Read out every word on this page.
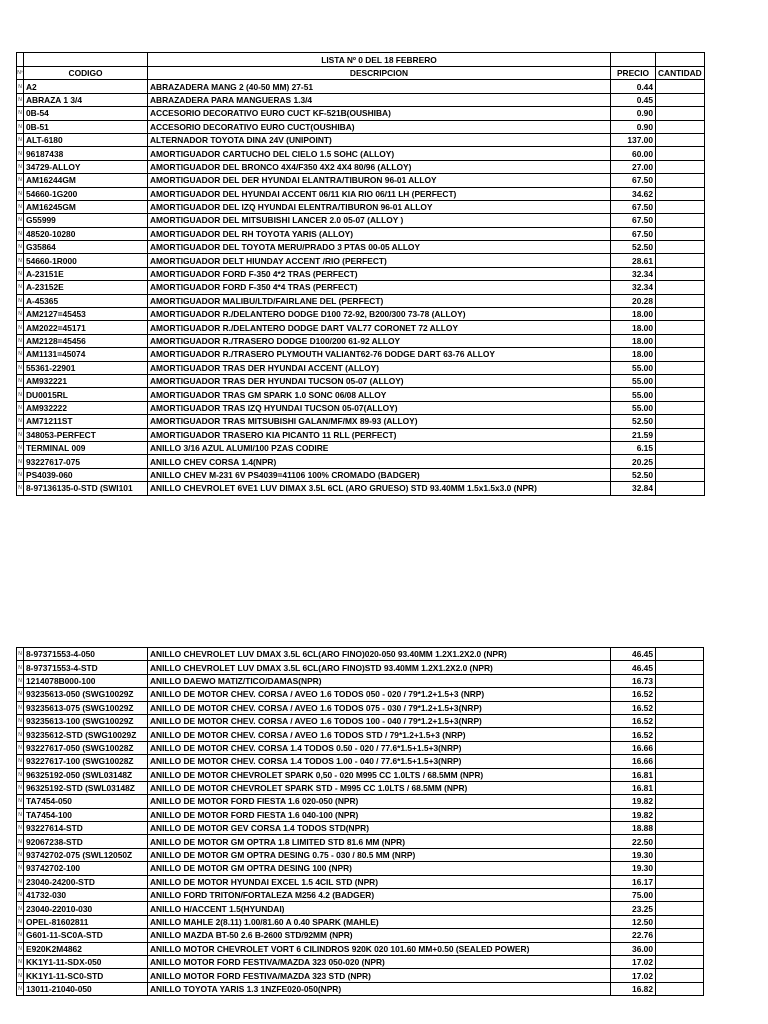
		LISTA Nº 0 DEL 18 FEBRERO		
Nº	CODIGO	DESCRIPCION	PRECIO	CANTIDAD
N	A2	ABRAZADERA MANG 2 (40-50 MM) 27-51	0.44	
N	ABRAZA 1 3/4	ABRAZADERA PARA MANGUERAS 1.3/4	0.45	
N	0B-54	ACCESORIO DECORATIVO EURO CUCT KF-521B(OUSHIBA)	0.90	
N	0B-51	ACCESORIO DECORATIVO EURO CUCT(OUSHIBA)	0.90	
N	ALT-6180	ALTERNADOR TOYOTA DINA 24V (UNIPOINT)	137.00	
N	96187438	AMORTIGUADOR CARTUCHO DEL CIELO 1.5 SOHC (ALLOY)	60.00	
N	34729-ALLOY	AMORTIGUADOR DEL BRONCO 4X4/F350 4X2 4X4 80/96 (ALLOY)	27.00	
N	AM16244GM	AMORTIGUADOR DEL DER HYUNDAI ELANTRA/TIBURON 96-01 ALLOY	67.50	
N	54660-1G200	AMORTIGUADOR DEL HYUNDAI ACCENT 06/11 KIA RIO 06/11 LH (PERFECT)	34.62	
N	AM16245GM	AMORTIGUADOR DEL IZQ HYUNDAI ELENTRA/TIBURON 96-01 ALLOY	67.50	
N	G55999	AMORTIGUADOR DEL MITSUBISHI LANCER 2.0 05-07 (ALLOY )	67.50	
N	48520-10280	AMORTIGUADOR DEL RH TOYOTA YARIS (ALLOY)	67.50	
N	G35864	AMORTIGUADOR DEL TOYOTA MERU/PRADO 3 PTAS 00-05 ALLOY	52.50	
N	54660-1R000	AMORTIGUADOR DELT HIUNDAY ACCENT /RIO (PERFECT)	28.61	
N	A-23151E	AMORTIGUADOR FORD F-350 4*2 TRAS (PERFECT)	32.34	
N	A-23152E	AMORTIGUADOR FORD F-350 4*4 TRAS (PERFECT)	32.34	
N	A-45365	AMORTIGUADOR MALIBU/LTD/FAIRLANE DEL (PERFECT)	20.28	
N	AM2127=45453	AMORTIGUADOR R./DELANTERO DODGE D100 72-92, B200/300 73-78 (ALLOY)	18.00	
N	AM2022=45171	AMORTIGUADOR R./DELANTERO DODGE DART VAL77 CORONET 72 ALLOY	18.00	
N	AM2128=45456	AMORTIGUADOR R./TRASERO DODGE D100/200 61-92 ALLOY	18.00	
N	AM1131=45074	AMORTIGUADOR R./TRASERO PLYMOUTH VALIANT62-76 DODGE DART 63-76 ALLOY	18.00	
N	55361-22901	AMORTIGUADOR TRAS DER HYUNDAI ACCENT (ALLOY)	55.00	
N	AM932221	AMORTIGUADOR TRAS DER HYUNDAI TUCSON 05-07 (ALLOY)	55.00	
N	DU0015RL	AMORTIGUADOR TRAS GM SPARK 1.0 SONC 06/08 ALLOY	55.00	
N	AM932222	AMORTIGUADOR TRAS IZQ HYUNDAI TUCSON 05-07(ALLOY)	55.00	
N	AM71211ST	AMORTIGUADOR TRAS MITSUBISHI GALAN/MF/MX 89-93 (ALLOY)	52.50	
N	348053-PERFECT	AMORTIGUADOR TRASERO KIA PICANTO 11 RLL (PERFECT)	21.59	
N	TERMINAL 009	ANILLO 3/16 AZUL ALUMI/100 PZAS CODIRE	6.15	
N	93227617-075	ANILLO CHEV CORSA 1.4(NPR)	20.25	
N	PS4039-060	ANILLO CHEV M-231 6V PS4039=41106 100% CROMADO (BADGER)	52.50	
N	8-97136135-0-STD (SWI101	ANILLO CHEVROLET 6VE1 LUV DIMAX 3.5L 6CL (ARO GRUESO) STD 93.40MM 1.5x1.5x3.0 (NPR)	32.84	
N	8-97371553-4-050	ANILLO CHEVROLET LUV DMAX 3.5L 6CL(ARO FINO)020-050 93.40MM 1.2X1.2X2.0 (NPR)	46.45	
N	8-97371553-4-STD	ANILLO CHEVROLET LUV DMAX 3.5L 6CL(ARO FINO)STD 93.40MM 1.2X1.2X2.0 (NPR)	46.45	
N	1214078B000-100	ANILLO DAEWO MATIZ/TICO/DAMAS(NPR)	16.73	
N	93235613-050 (SWG10029Z	ANILLO DE MOTOR CHEV. CORSA / AVEO 1.6 TODOS 050 - 020 / 79*1.2+1.5+3 (NRP)	16.52	
N	93235613-075 (SWG10029Z	ANILLO DE MOTOR CHEV. CORSA / AVEO 1.6 TODOS 075 - 030 / 79*1.2+1.5+3(NRP)	16.52	
N	93235613-100 (SWG10029Z	ANILLO DE MOTOR CHEV. CORSA / AVEO 1.6 TODOS 100 - 040 / 79*1.2+1.5+3(NRP)	16.52	
N	93235612-STD (SWG10029Z	ANILLO DE MOTOR CHEV. CORSA / AVEO 1.6 TODOS STD / 79*1.2+1.5+3 (NRP)	16.52	
N	93227617-050 (SWG10028Z	ANILLO DE MOTOR CHEV. CORSA 1.4 TODOS 0.50 - 020 / 77.6*1.5+1.5+3(NRP)	16.66	
N	93227617-100 (SWG10028Z	ANILLO DE MOTOR CHEV. CORSA 1.4 TODOS 1.00 - 040 / 77.6*1.5+1.5+3(NRP)	16.66	
N	96325192-050 (SWL03148Z	ANILLO DE MOTOR CHEVROLET SPARK 0,50 - 020 M995 CC 1.0LTS / 68.5MM (NPR)	16.81	
N	96325192-STD (SWL03148Z	ANILLO DE MOTOR CHEVROLET SPARK STD - M995 CC 1.0LTS / 68.5MM (NPR)	16.81	
N	TA7454-050	ANILLO DE MOTOR FORD FIESTA 1.6 020-050 (NPR)	19.82	
N	TA7454-100	ANILLO DE MOTOR FORD FIESTA 1.6 040-100 (NPR)	19.82	
N	93227614-STD	ANILLO DE MOTOR GEV CORSA 1.4 TODOS STD(NPR)	18.88	
N	92067238-STD	ANILLO DE MOTOR GM OPTRA 1.8 LIMITED STD 81.6 MM (NPR)	22.50	
N	93742702-075 (SWL12050Z	ANILLO DE MOTOR GM OPTRA DESING 0.75 - 030 / 80.5 MM (NRP)	19.30	
N	93742702-100	ANILLO DE MOTOR GM OPTRA DESING 100 (NPR)	19.30	
N	23040-24200-STD	ANILLO DE MOTOR HYUNDAI EXCEL 1.5 4CIL STD (NPR)	16.17	
N	41732-030	ANILLO FORD TRITON/FORTALEZA M256 4.2 (BADGER)	75.00	
N	23040-22010-030	ANILLO H/ACCENT 1.5(HYUNDAI)	23.25	
N	OPEL-81602811	ANILLO MAHLE 2(8.11) 1.00/81.60 A 0.40 SPARK (MAHLE)	12.50	
N	G601-11-SC0A-STD	ANILLO MAZDA BT-50 2.6 B-2600 STD/92MM (NPR)	22.76	
N	E920K2M4862	ANILLO MOTOR CHEVROLET VORT 6 CILINDROS 920K 020 101.60 MM+0.50 (SEALED POWER)	36.00	
N	KK1Y1-11-SDX-050	ANILLO MOTOR FORD FESTIVA/MAZDA 323 050-020 (NPR)	17.02	
N	KK1Y1-11-SC0-STD	ANILLO MOTOR FORD FESTIVA/MAZDA 323 STD (NPR)	17.02	
N	13011-21040-050	ANILLO TOYOTA YARIS 1.3 1NZFE020-050(NPR)	16.82	
